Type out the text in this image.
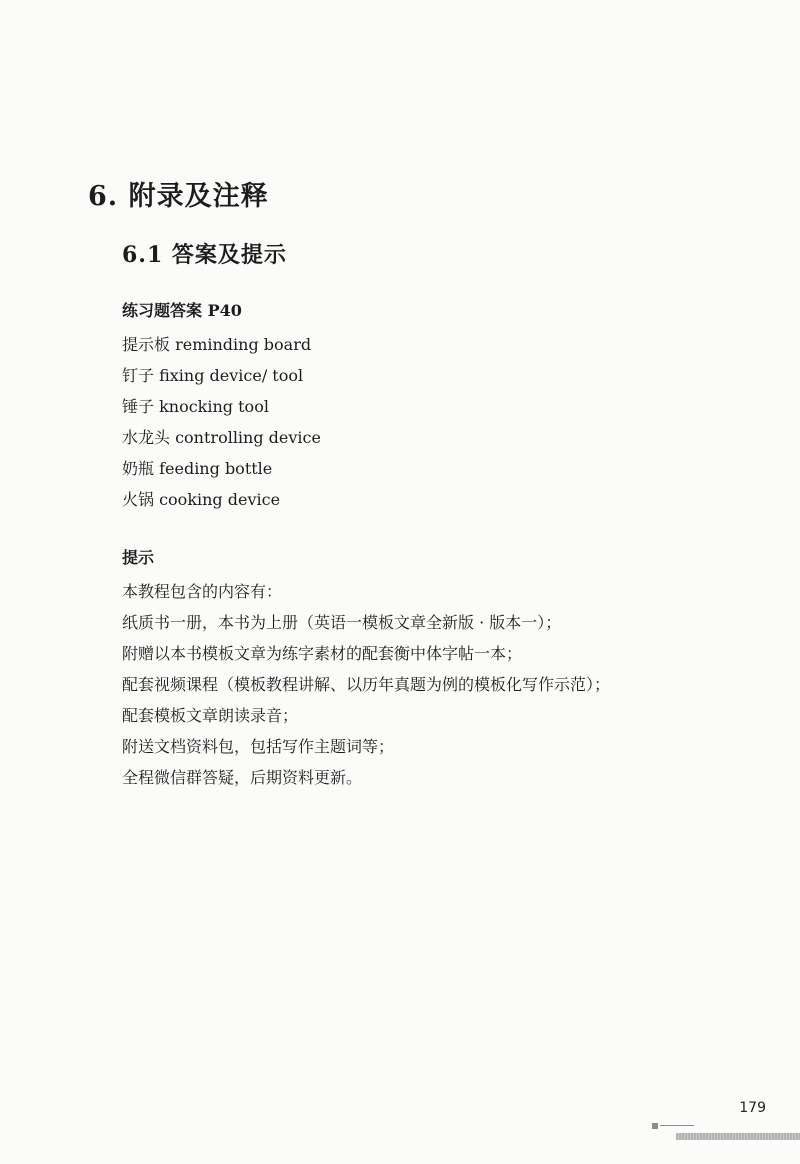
6. 附录及注释
6.1 答案及提示
练习题答案 P40
提示板 reminding board
钉子 fixing device/ tool
锤子 knocking tool
水龙头 controlling device
奶瓶 feeding bottle
火锅 cooking device
提示
本教程包含的内容有：
纸质书一册，本书为上册（英语一模板文章全新版 · 版本一）；
附赠以本书模板文章为练字素材的配套衡中体字帖一本；
配套视频课程（模板教程讲解、以历年真题为例的模板化写作示范）；
配套模板文章朗读录音；
附送文档资料包，包括写作主题词等；
全程微信群答疑，后期资料更新。
179
